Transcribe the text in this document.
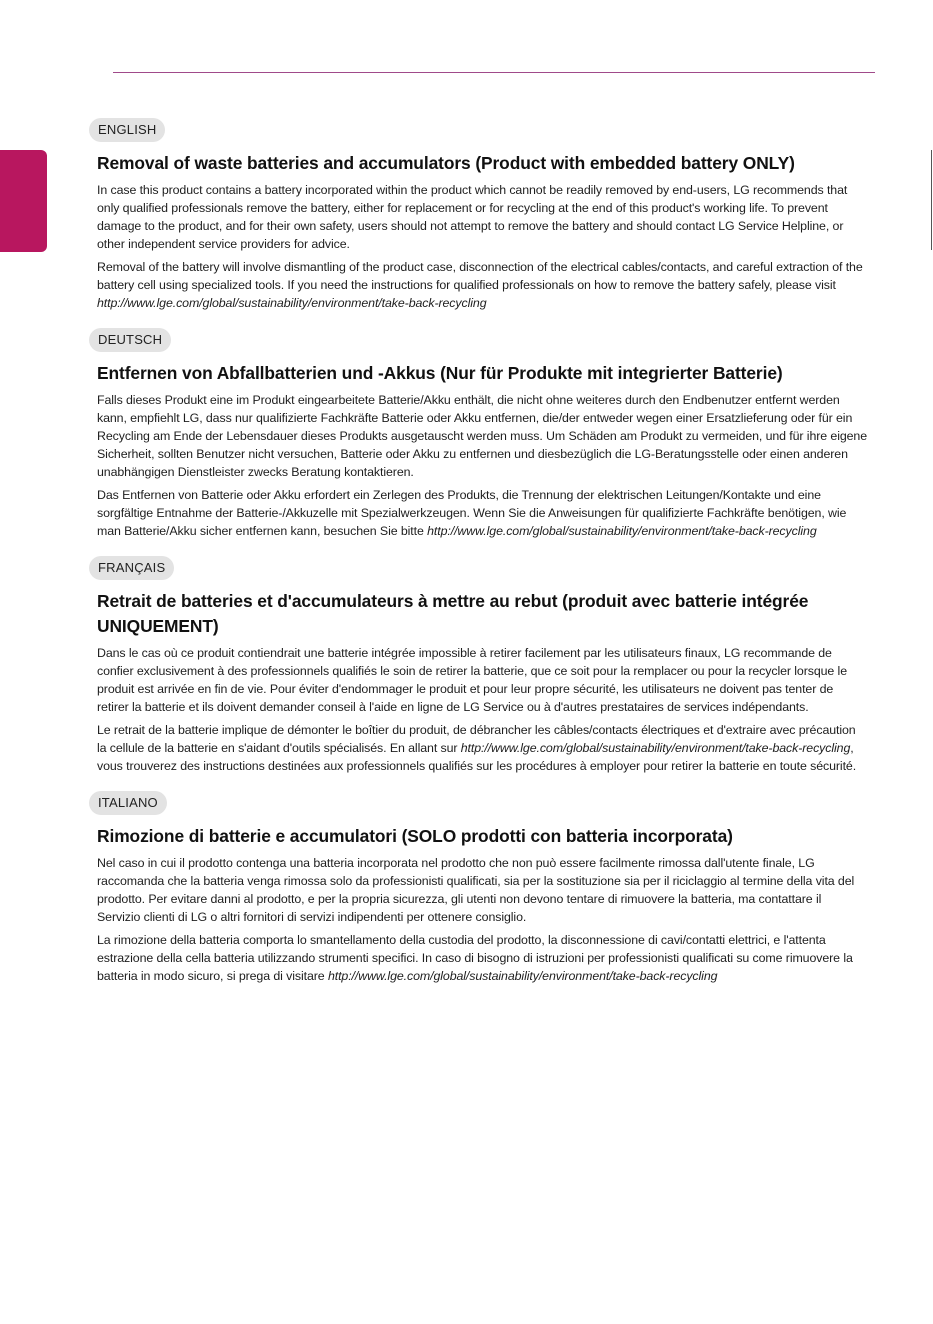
ENGLISH
Removal of waste batteries and accumulators (Product with embedded battery ONLY)

In case this product contains a battery incorporated within the product which cannot be readily removed by end-users, LG recommends that only qualified professionals remove the battery, either for replacement or for recycling at the end of this product's working life. To prevent damage to the product, and for their own safety, users should not attempt to remove the battery and should contact LG Service Helpline, or other independent service providers for advice.

Removal of the battery will involve dismantling of the product case, disconnection of the electrical cables/contacts, and careful extraction of the battery cell using specialized tools. If you need the instructions for qualified professionals on how to remove the battery safely, please visit http://www.lge.com/global/sustainability/environment/take-back-recycling

DEUTSCH
Entfernen von Abfallbatterien und -Akkus (Nur für Produkte mit integrierter Batterie)

Falls dieses Produkt eine im Produkt eingearbeitete Batterie/Akku enthält, die nicht ohne weiteres durch den Endbenutzer entfernt werden kann, empfiehlt LG, dass nur qualifizierte Fachkräfte Batterie oder Akku entfernen, die/der entweder wegen einer Ersatzlieferung oder für ein Recycling am Ende der Lebensdauer dieses Produkts ausgetauscht werden muss. Um Schäden am Produkt zu vermeiden, und für ihre eigene Sicherheit, sollten Benutzer nicht versuchen, Batterie oder Akku zu entfernen und diesbezüglich die LG-Beratungsstelle oder einen anderen unabhängigen Dienstleister zwecks Beratung kontaktieren.

Das Entfernen von Batterie oder Akku erfordert ein Zerlegen des Produkts, die Trennung der elektrischen Leitungen/Kontakte und eine sorgfältige Entnahme der Batterie-/Akkuzelle mit Spezialwerkzeugen. Wenn Sie die Anweisungen für qualifizierte Fachkräfte benötigen, wie man Batterie/Akku sicher entfernen kann, besuchen Sie bitte http://www.lge.com/global/sustainability/environment/take-back-recycling

FRANÇAIS
Retrait de batteries et d'accumulateurs à mettre au rebut (produit avec batterie intégrée UNIQUEMENT)

Dans le cas où ce produit contiendrait une batterie intégrée impossible à retirer facilement par les utilisateurs finaux, LG recommande de confier exclusivement à des professionnels qualifiés le soin de retirer la batterie, que ce soit pour la remplacer ou pour la recycler lorsque le produit est arrivée en fin de vie. Pour éviter d'endommager le produit et pour leur propre sécurité, les utilisateurs ne doivent pas tenter de retirer la batterie et ils doivent demander conseil à l'aide en ligne de LG Service ou à d'autres prestataires de services indépendants.

Le retrait de la batterie implique de démonter le boîtier du produit, de débrancher les câbles/contacts électriques et d'extraire avec précaution la cellule de la batterie en s'aidant d'outils spécialisés. En allant sur http://www.lge.com/global/sustainability/environment/take-back-recycling, vous trouverez des instructions destinées aux professionnels qualifiés sur les procédures à employer pour retirer la batterie en toute sécurité.

ITALIANO
Rimozione di batterie e accumulatori (SOLO prodotti con batteria incorporata)

Nel caso in cui il prodotto contenga una batteria incorporata nel prodotto che non può essere facilmente rimossa dall'utente finale, LG raccomanda che la batteria venga rimossa solo da professionisti qualificati, sia per la sostituzione sia per il riciclaggio al termine della vita del prodotto. Per evitare danni al prodotto, e per la propria sicurezza, gli utenti non devono tentare di rimuovere la batteria, ma contattare il Servizio clienti di LG o altri fornitori di servizi indipendenti per ottenere consiglio.

La rimozione della batteria comporta lo smantellamento della custodia del prodotto, la disconnessione di cavi/contatti elettrici, e l'attenta estrazione della cella batteria utilizzando strumenti specifici. In caso di bisogno di istruzioni per professionisti qualificati su come rimuovere la batteria in modo sicuro, si prega di visitare http://www.lge.com/global/sustainability/environment/take-back-recycling
